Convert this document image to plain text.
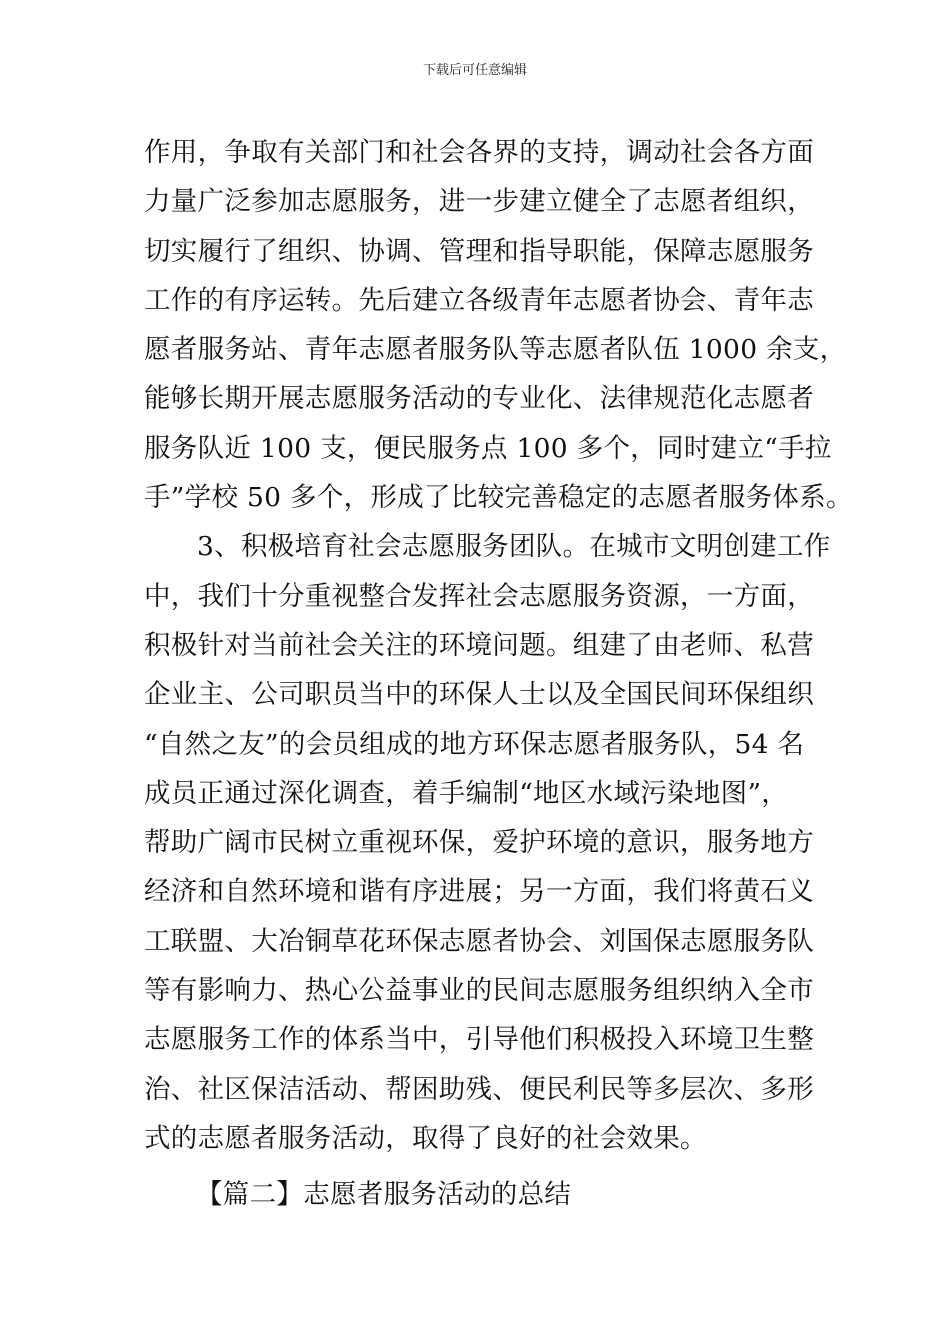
下载后可任意编辑
作用，争取有关部门和社会各界的支持，调动社会各方面
力量广泛参加志愿服务，进一步建立健全了志愿者组织，
切实履行了组织、协调、管理和指导职能，保障志愿服务
工作的有序运转。先后建立各级青年志愿者协会、青年志
愿者服务站、青年志愿者服务队等志愿者队伍 1000 余支，
能够长期开展志愿服务活动的专业化、法律规范化志愿者
服务队近 100 支，便民服务点 100 多个，同时建立“手拉
手”学校 50 多个，形成了比较完善稳定的志愿者服务体系。
3、积极培育社会志愿服务团队。在城市文明创建工作
中，我们十分重视整合发挥社会志愿服务资源，一方面，
积极针对当前社会关注的环境问题。组建了由老师、私营
企业主、公司职员当中的环保人士以及全国民间环保组织
“自然之友”的会员组成的地方环保志愿者服务队，54 名
成员正通过深化调查，着手编制“地区水域污染地图”，
帮助广阔市民树立重视环保，爱护环境的意识，服务地方
经济和自然环境和谐有序进展；另一方面，我们将黄石义
工联盟、大冶铜草花环保志愿者协会、刘国保志愿服务队
等有影响力、热心公益事业的民间志愿服务组织纳入全市
志愿服务工作的体系当中，引导他们积极投入环境卫生整
治、社区保洁活动、帮困助残、便民利民等多层次、多形
式的志愿者服务活动，取得了良好的社会效果。
【篇二】志愿者服务活动的总结
